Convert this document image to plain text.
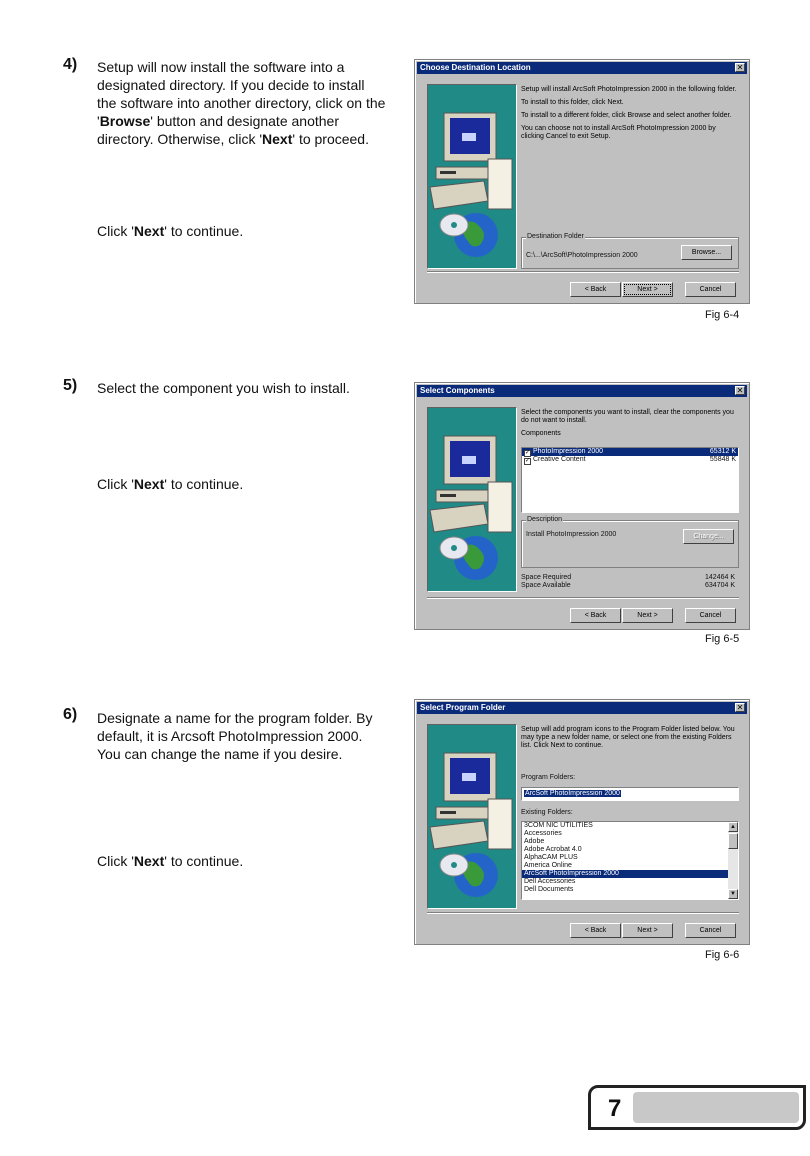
4) Setup will now install the software into a designated directory. If you decide to install the software into another directory, click on the 'Browse' button and designate another directory. Otherwise, click 'Next' to proceed.
Click 'Next' to continue.
Choose Destination Location	✕

Setup will install ArcSoft PhotoImpression 2000 in the following folder.

To install to this folder, click Next.

To install to a different folder, click Browse and select another folder.

You can choose not to install ArcSoft PhotoImpression 2000 by clicking Cancel to exit Setup.

Destination Folder
C:\...\ArcSoft\PhotoImpression 2000	Browse...
< Back	Next >	Cancel
Fig 6-4
5) Select the component you wish to install.
Click 'Next' to continue.
Select Components	✕

Select the components you want to install, clear the components you do not want to install.

Components
✓ PhotoImpression 2000	65312 K
✓ Creative Content	55848 K
Description
Install PhotoImpression 2000	Change...
Space Required	142464 K
Space Available	634704 K
< Back	Next >	Cancel
Fig 6-5
6) Designate a name for the program folder. By default, it is Arcsoft PhotoImpression 2000. You can change the name if you desire.
Click 'Next' to continue.
Select Program Folder	✕

Setup will add program icons to the Program Folder listed below. You may type a new folder name, or select one from the existing Folders list. Click Next to continue.

Program Folders:
ArcSoft PhotoImpression 2000
Existing Folders:
3COM NIC UTILITIES
Accessories
Adobe
Adobe Acrobat 4.0
AlphaCAM PLUS
America Online
ArcSoft PhotoImpression 2000
Dell Accessories
Dell Documents
▲
▼
< Back	Next >	Cancel
Fig 6-6
7
